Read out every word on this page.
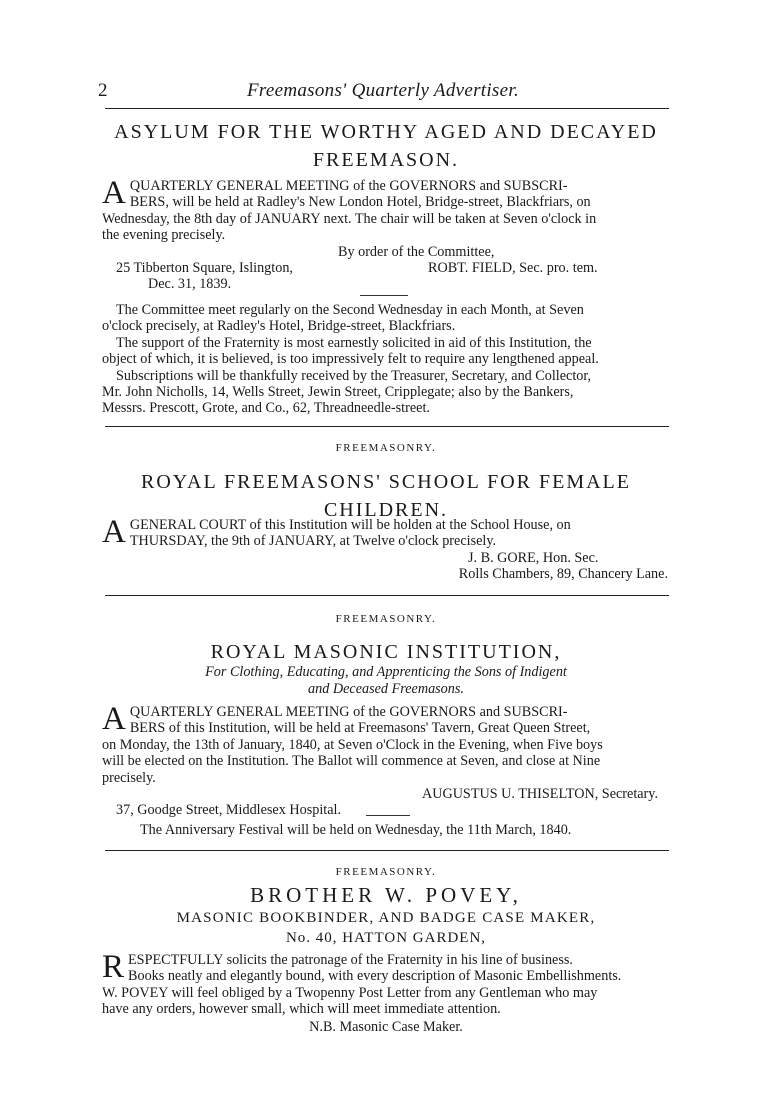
2	Freemasons' Quarterly Advertiser.
ASYLUM FOR THE WORTHY AGED AND DECAYED
FREEMASON.
A QUARTERLY GENERAL MEETING of the GOVERNORS and SUBSCRI-

BERS, will be held at Radley's New London Hotel, Bridge-street, Blackfriars, on

Wednesday, the 8th day of JANUARY next. The chair will be taken at Seven o'clock in

the evening precisely.

By order of the Committee,
25 Tibberton Square, Islington,	ROBT. FIELD, Sec. pro. tem.
Dec. 31, 1839.

The Committee meet regularly on the Second Wednesday in each Month, at Seven

o'clock precisely, at Radley's Hotel, Bridge-street, Blackfriars.

The support of the Fraternity is most earnestly solicited in aid of this Institution, the

object of which, it is believed, is too impressively felt to require any lengthened appeal.

Subscriptions will be thankfully received by the Treasurer, Secretary, and Collector,

Mr. John Nicholls, 14, Wells Street, Jewin Street, Cripplegate; also by the Bankers,

Messrs. Prescott, Grote, and Co., 62, Threadneedle-street.

FREEMASONRY.
ROYAL FREEMASONS' SCHOOL FOR FEMALE
CHILDREN.
A GENERAL COURT of this Institution will be holden at the School House, on

THURSDAY, the 9th of JANUARY, at Twelve o'clock precisely.

J. B. GORE, Hon. Sec.
Rolls Chambers, 89, Chancery Lane.
FREEMASONRY.
ROYAL MASONIC INSTITUTION,
For Clothing, Educating, and Apprenticing the Sons of Indigent
and Deceased Freemasons.
A QUARTERLY GENERAL MEETING of the GOVERNORS and SUBSCRI-

BERS of this Institution, will be held at Freemasons' Tavern, Great Queen Street,

on Monday, the 13th of January, 1840, at Seven o'Clock in the Evening, when Five boys

will be elected on the Institution. The Ballot will commence at Seven, and close at Nine

precisely.

AUGUSTUS U. THISELTON, Secretary.
37, Goodge Street, Middlesex Hospital.

The Anniversary Festival will be held on Wednesday, the 11th March, 1840.

FREEMASONRY.
BROTHER W. POVEY,
MASONIC BOOKBINDER, AND BADGE CASE MAKER,
No. 40, HATTON GARDEN,
R ESPECTFULLY solicits the patronage of the Fraternity in his line of business.

Books neatly and elegantly bound, with every description of Masonic Embellishments.

W. POVEY will feel obliged by a Twopenny Post Letter from any Gentleman who may

have any orders, however small, which will meet immediate attention.

N.B. Masonic Case Maker.
